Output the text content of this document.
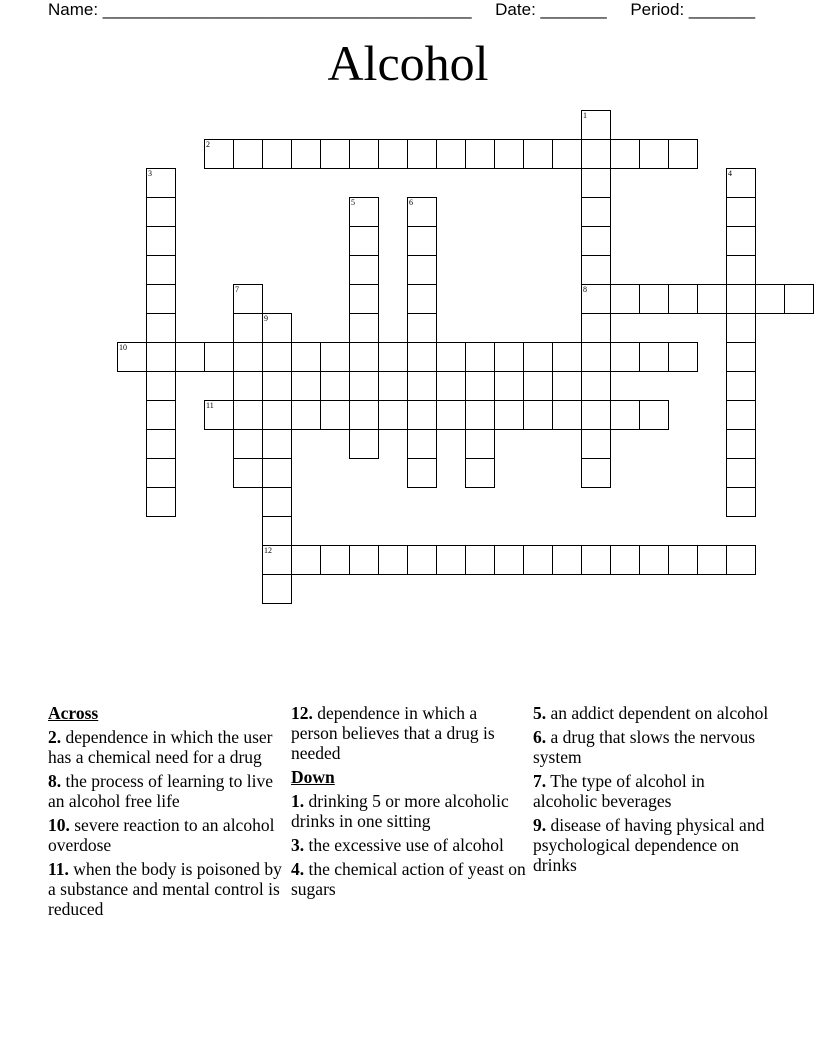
Name: _______________________________________ Date: _______ Period: _______
Alcohol
1
2
3	4
5	6
7	8
9
10
11
12
Across
2. dependence in which the user has a chemical need for a drug
8. the process of learning to live an alcohol free life
10. severe reaction to an alcohol overdose
11. when the body is poisoned by a substance and mental control is reduced
12. dependence in which a person believes that a drug is needed
Down
1. drinking 5 or more alcoholic drinks in one sitting
3. the excessive use of alcohol
4. the chemical action of yeast on sugars
5. an addict dependent on alcohol
6. a drug that slows the nervous system
7. The type of alcohol in alcoholic beverages
9. disease of having physical and psychological dependence on drinks
